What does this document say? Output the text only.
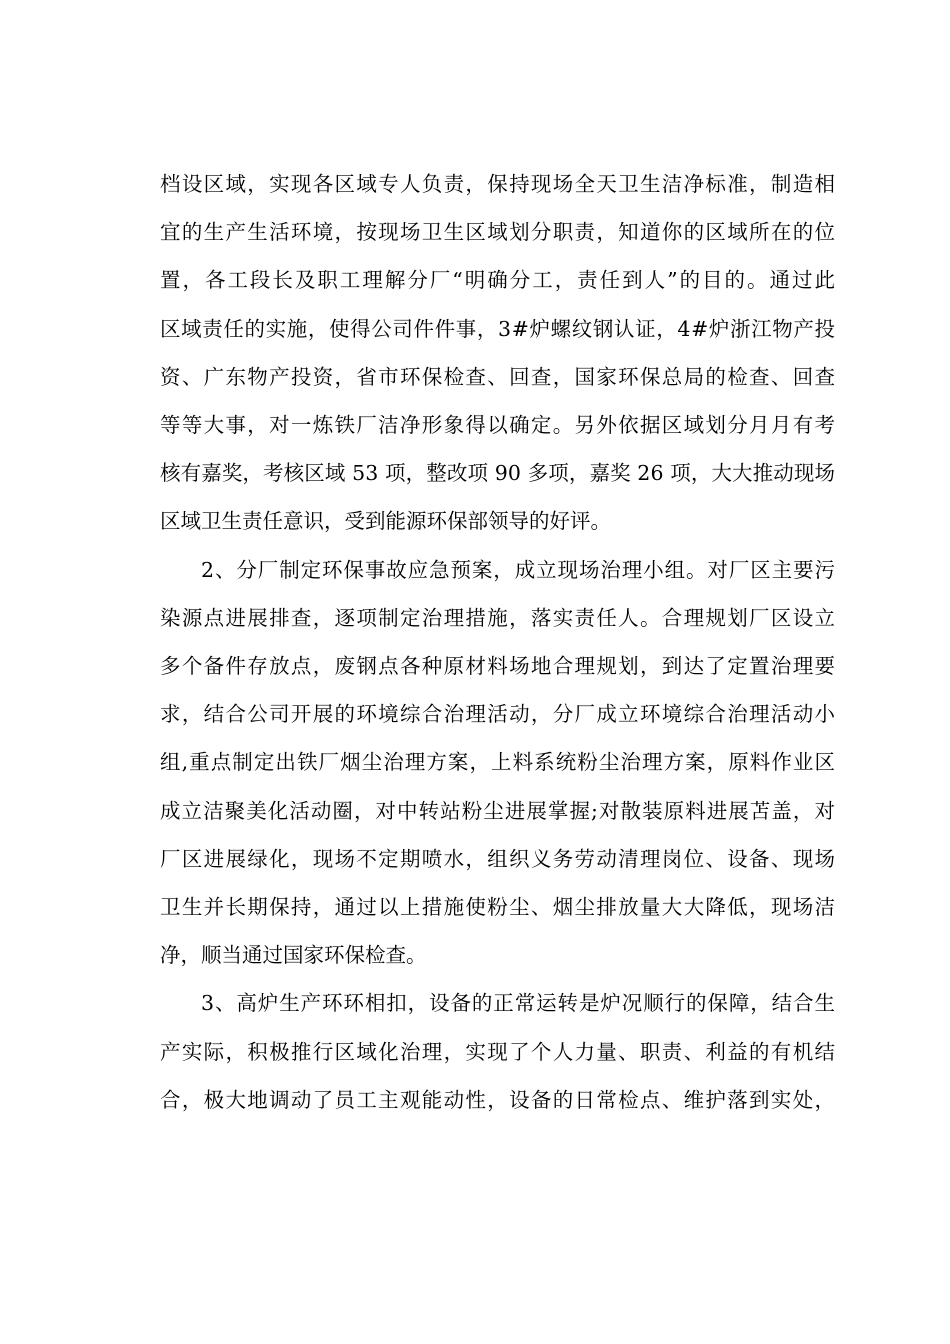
档设区域，实现各区域专人负责，保持现场全天卫生洁净标准，制造相
宜的生产生活环境，按现场卫生区域划分职责，知道你的区域所在的位
置，各工段长及职工理解分厂“明确分工，责任到人”的目的。通过此
区域责任的实施，使得公司件件事，3#炉螺纹钢认证，4#炉浙江物产投
资、广东物产投资，省市环保检查、回查，国家环保总局的检查、回查
等等大事，对一炼铁厂洁净形象得以确定。另外依据区域划分月月有考
核有嘉奖，考核区域 53 项，整改项 90 多项，嘉奖 26 项，大大推动现场
区域卫生责任意识，受到能源环保部领导的好评。
2、分厂制定环保事故应急预案，成立现场治理小组。对厂区主要污
染源点进展排查，逐项制定治理措施，落实责任人。合理规划厂区设立
多个备件存放点，废钢点各种原材料场地合理规划，到达了定置治理要
求，结合公司开展的环境综合治理活动，分厂成立环境综合治理活动小
组,重点制定出铁厂烟尘治理方案，上料系统粉尘治理方案，原料作业区
成立洁聚美化活动圈，对中转站粉尘进展掌握;对散装原料进展苫盖，对
厂区进展绿化，现场不定期喷水，组织义务劳动清理岗位、设备、现场
卫生并长期保持，通过以上措施使粉尘、烟尘排放量大大降低，现场洁
净，顺当通过国家环保检查。
3、高炉生产环环相扣，设备的正常运转是炉况顺行的保障，结合生
产实际，积极推行区域化治理，实现了个人力量、职责、利益的有机结
合，极大地调动了员工主观能动性，设备的日常检点、维护落到实处，
